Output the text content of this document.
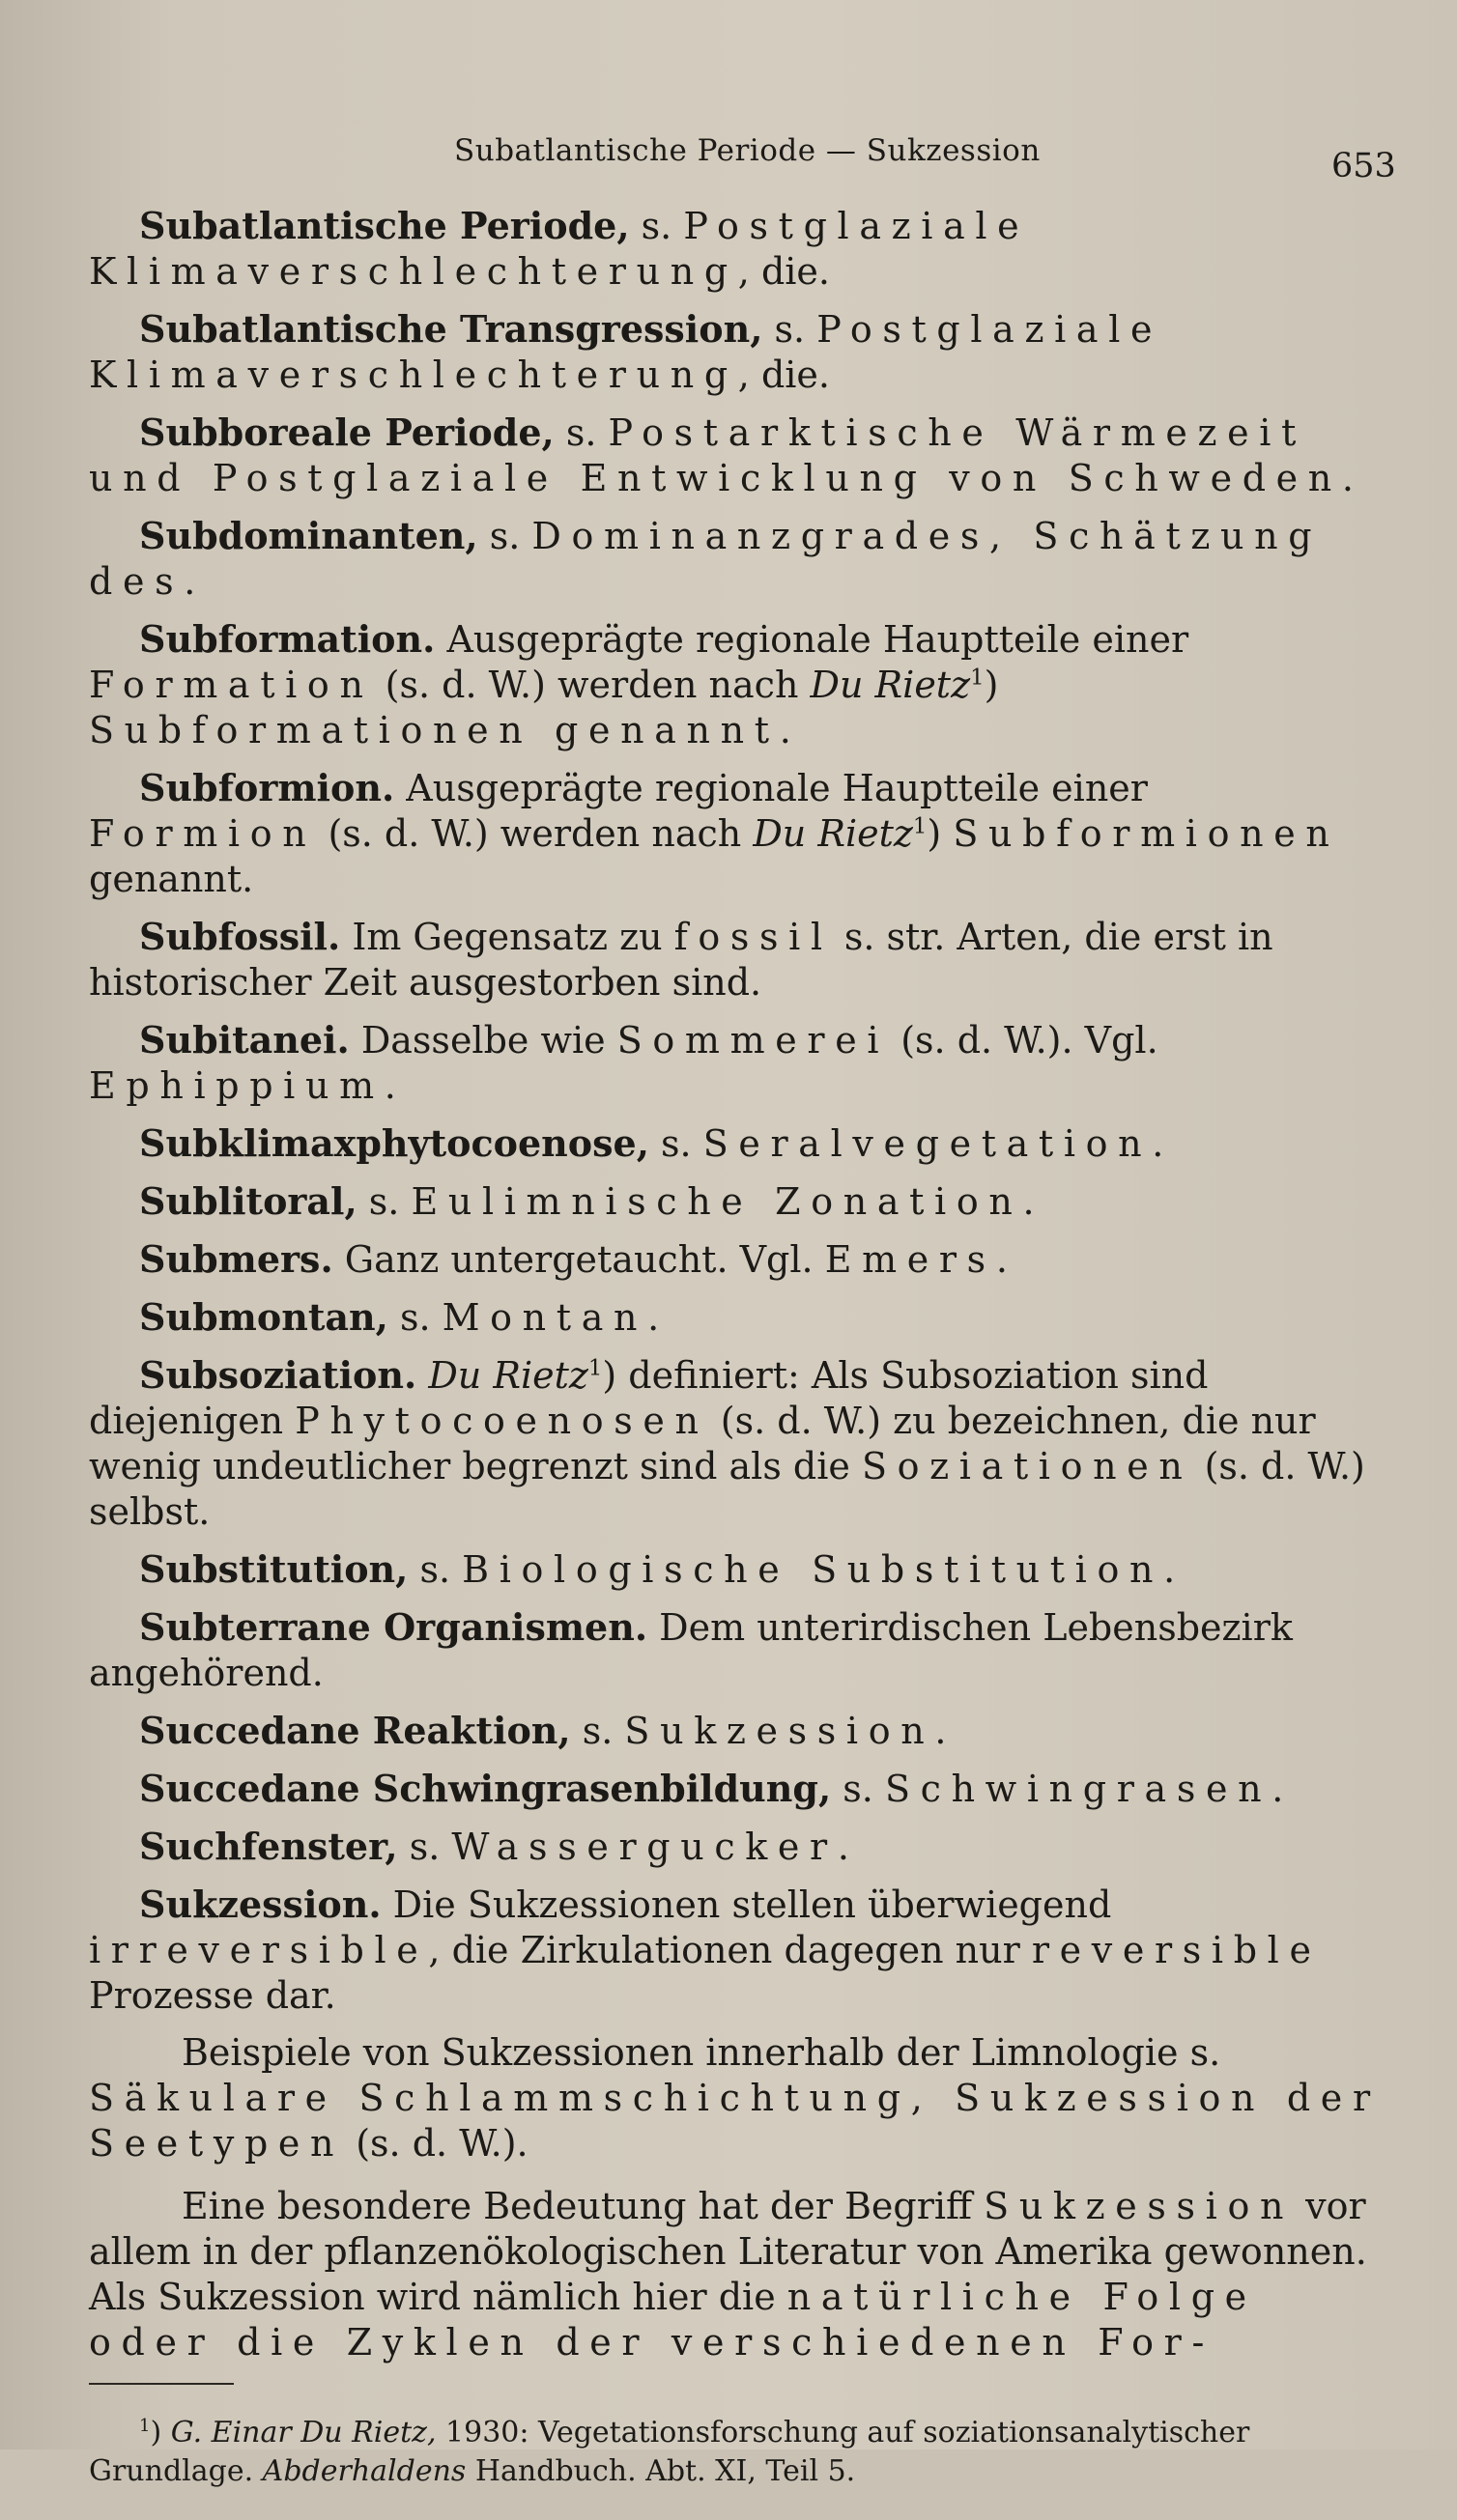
Subatlantische Periode — Sukzession	653

Subatlantische Periode, s. Postglaziale Klimaverschlechterung, die.

Subatlantische Transgression, s. Postglaziale Klimaverschlechterung, die.

Subboreale Periode, s. Postarktische Wärmezeit und Postglaziale Entwicklung von Schweden.

Subdominanten, s. Dominanzgrades, Schätzung des.

Subformation. Ausgeprägte regionale Hauptteile einer Formation (s. d. W.) werden nach Du Rietz$^1$) Subformationen genannt.

Subformion. Ausgeprägte regionale Hauptteile einer Formion (s. d. W.) werden nach Du Rietz$^1$) Subformionen genannt.

Subfossil. Im Gegensatz zu fossil s. str. Arten, die erst in historischer Zeit ausgestorben sind.

Subitanei. Dasselbe wie Sommerei (s. d. W.). Vgl. Ephippium.

Subklimaxphytocoenose, s. Seralvegetation.

Sublitoral, s. Eulimnische Zonation.

Submers. Ganz untergetaucht. Vgl. Emers.

Submontan, s. Montan.

Subsoziation. Du Rietz$^1$) definiert: Als Subsoziation sind diejenigen Phytocoenosen (s. d. W.) zu bezeichnen, die nur wenig undeutlicher begrenzt sind als die Soziationen (s. d. W.) selbst.

Substitution, s. Biologische Substitution.

Subterrane Organismen. Dem unterirdischen Lebensbezirk angehörend.

Succedane Reaktion, s. Sukzession.

Succedane Schwingrasenbildung, s. Schwingrasen.

Suchfenster, s. Wassergucker.

Sukzession. Die Sukzessionen stellen überwiegend irreversible, die Zirkulationen dagegen nur reversible Prozesse dar.

Beispiele von Sukzessionen innerhalb der Limnologie s. Säkulare Schlammschichtung, Sukzession der Seetypen (s. d. W.).

Eine besondere Bedeutung hat der Begriff Sukzession vor allem in der pflanzenökologischen Literatur von Amerika gewonnen. Als Sukzession wird nämlich hier die natürliche Folge oder die Zyklen der verschiedenen For-

$^1$) G. Einar Du Rietz, 1930: Vegetationsforschung auf soziationsanalytischer Grundlage. Abderhaldens Handbuch. Abt. XI, Teil 5.
